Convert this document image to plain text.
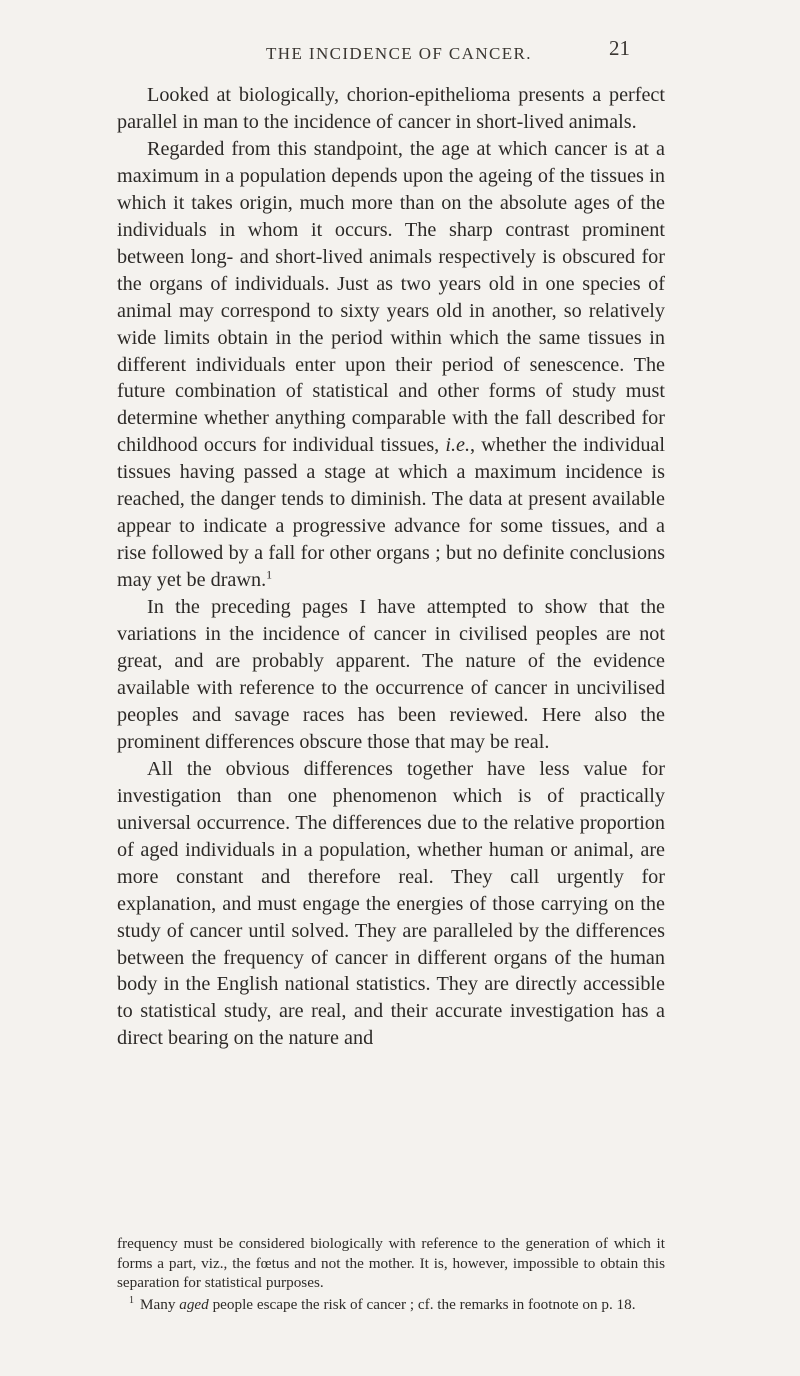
THE INCIDENCE OF CANCER.	21

Looked at biologically, chorion-epithelioma presents a perfect parallel in man to the incidence of cancer in short-lived animals.

Regarded from this standpoint, the age at which cancer is at a maximum in a population depends upon the ageing of the tissues in which it takes origin, much more than on the absolute ages of the individuals in whom it occurs. The sharp contrast prominent between long- and short-lived animals respectively is obscured for the organs of individuals. Just as two years old in one species of animal may correspond to sixty years old in another, so relatively wide limits obtain in the period within which the same tissues in different individuals enter upon their period of senescence. The future combination of statistical and other forms of study must determine whether anything comparable with the fall described for childhood occurs for individual tissues, i.e., whether the individual tissues having passed a stage at which a maximum incidence is reached, the danger tends to diminish. The data at present available appear to indicate a progressive advance for some tissues, and a rise followed by a fall for other organs ; but no definite conclusions may yet be drawn.$^1$

In the preceding pages I have attempted to show that the variations in the incidence of cancer in civilised peoples are not great, and are probably apparent. The nature of the evidence available with reference to the occurrence of cancer in uncivilised peoples and savage races has been reviewed. Here also the prominent differences obscure those that may be real.

All the obvious differences together have less value for investigation than one phenomenon which is of practically universal occurrence. The differences due to the relative proportion of aged individuals in a population, whether human or animal, are more constant and therefore real. They call urgently for explanation, and must engage the energies of those carrying on the study of cancer until solved. They are paralleled by the differences between the frequency of cancer in different organs of the human body in the English national statistics. They are directly accessible to statistical study, are real, and their accurate investigation has a direct bearing on the nature and

frequency must be considered biologically with reference to the generation of which it forms a part, viz., the fœtus and not the mother. It is, however, impossible to obtain this separation for statistical purposes.

$^1$ Many aged people escape the risk of cancer ; cf. the remarks in footnote on p. 18.
